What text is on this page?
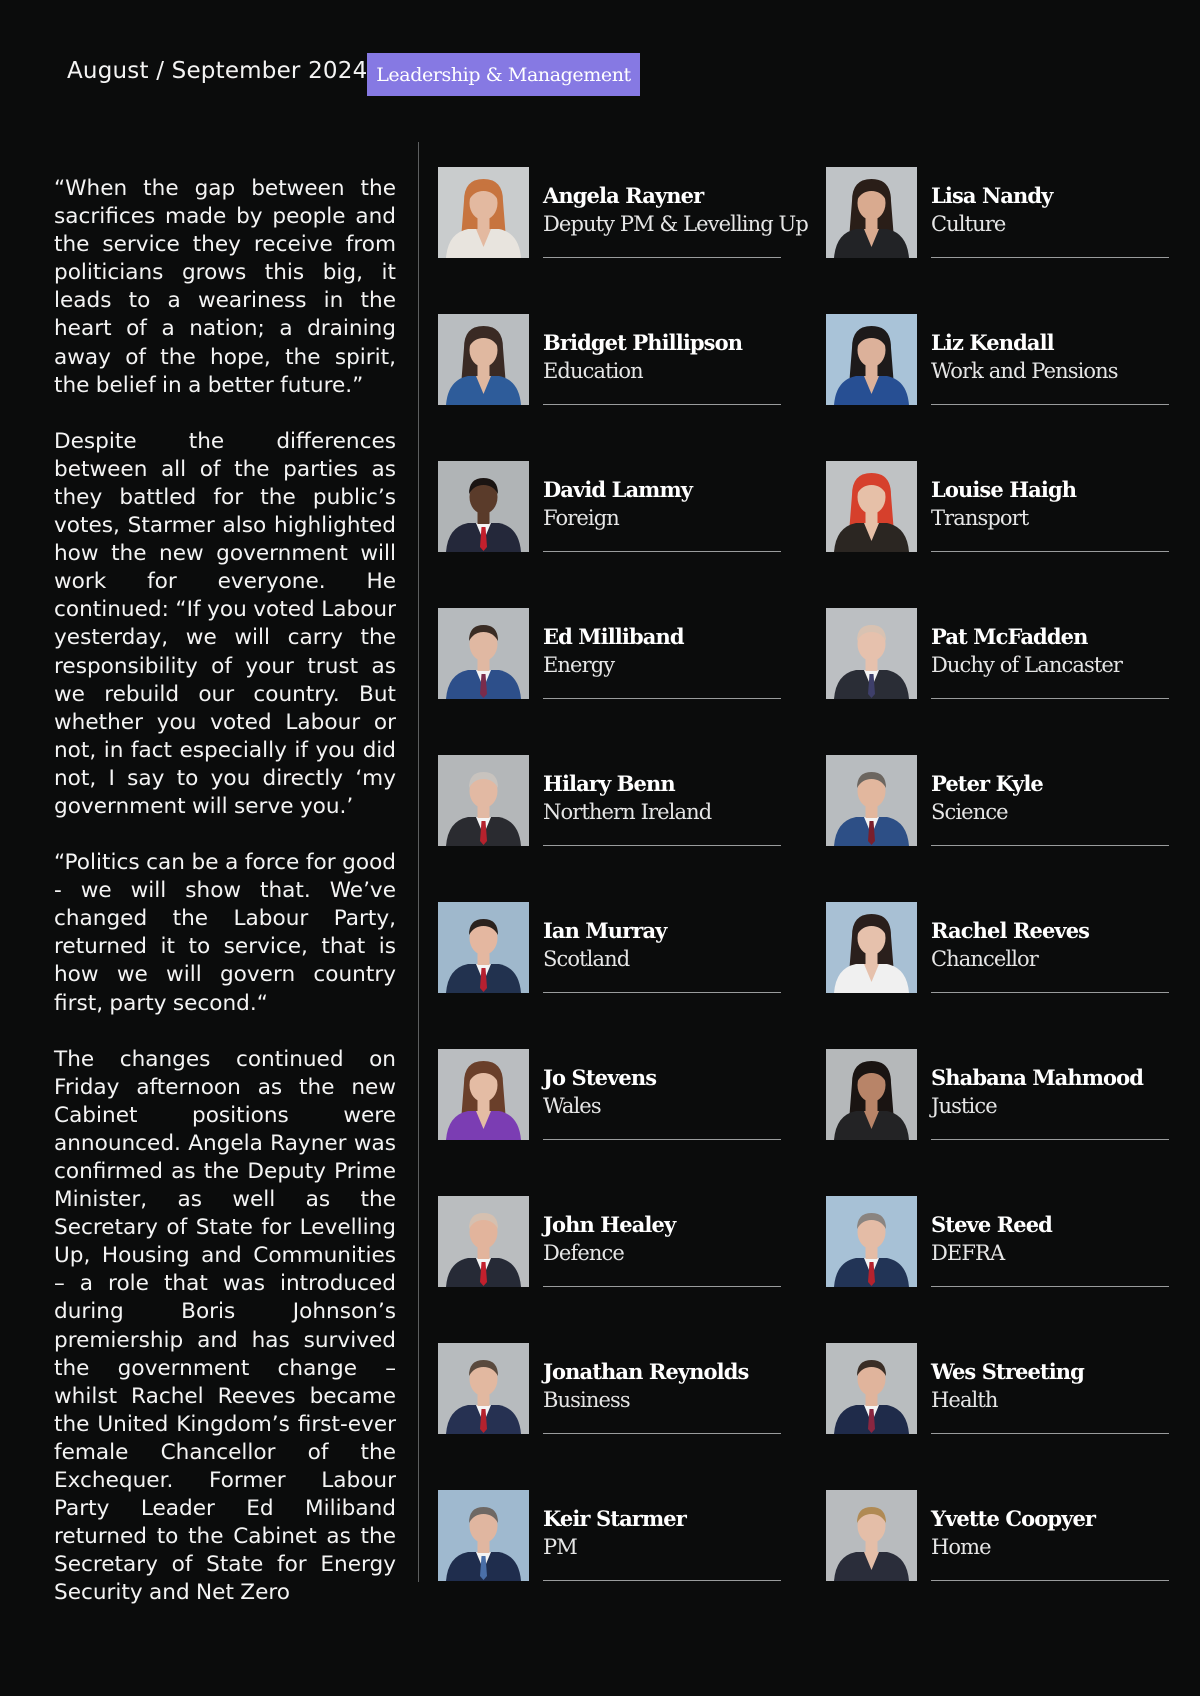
August / September 2024 Leadership & Management

“When the gap between the sacrifices made by people and the service they receive from politicians grows this big, it leads to a weariness in the heart of a nation; a draining away of the hope, the spirit, the belief in a better future.”

Despite the differences between all of the parties as they battled for the public’s votes, Starmer also highlighted how the new government will work for everyone. He continued: “If you voted Labour yesterday, we will carry the responsibility of your trust as we rebuild our country. But whether you voted Labour or not, in fact especially if you did not, I say to you directly ‘my government will serve you.’

“Politics can be a force for good - we will show that. We’ve changed the Labour Party, returned it to service, that is how we will govern country first, party second.“

The changes continued on Friday afternoon as the new Cabinet positions were announced. Angela Rayner was confirmed as the Deputy Prime Minister, as well as the Secretary of State for Levelling Up, Housing and Communities – a role that was introduced during Boris Johnson’s premiership and has survived the government change – whilst Rachel Reeves became the United Kingdom’s first-ever female Chancellor of the Exchequer. Former Labour Party Leader Ed Miliband returned to the Cabinet as the Secretary of State for Energy Security and Net Zero

Angela Rayner
Deputy PM & Levelling Up
Lisa Nandy
Culture
Bridget Phillipson
Education
Liz Kendall
Work and Pensions
David Lammy
Foreign
Louise Haigh
Transport
Ed Milliband
Energy
Pat McFadden
Duchy of Lancaster
Hilary Benn
Northern Ireland
Peter Kyle
Science
Ian Murray
Scotland
Rachel Reeves
Chancellor
Jo Stevens
Wales
Shabana Mahmood
Justice
John Healey
Defence
Steve Reed
DEFRA
Jonathan Reynolds
Business
Wes Streeting
Health
Keir Starmer
PM
Yvette Coopyer
Home
